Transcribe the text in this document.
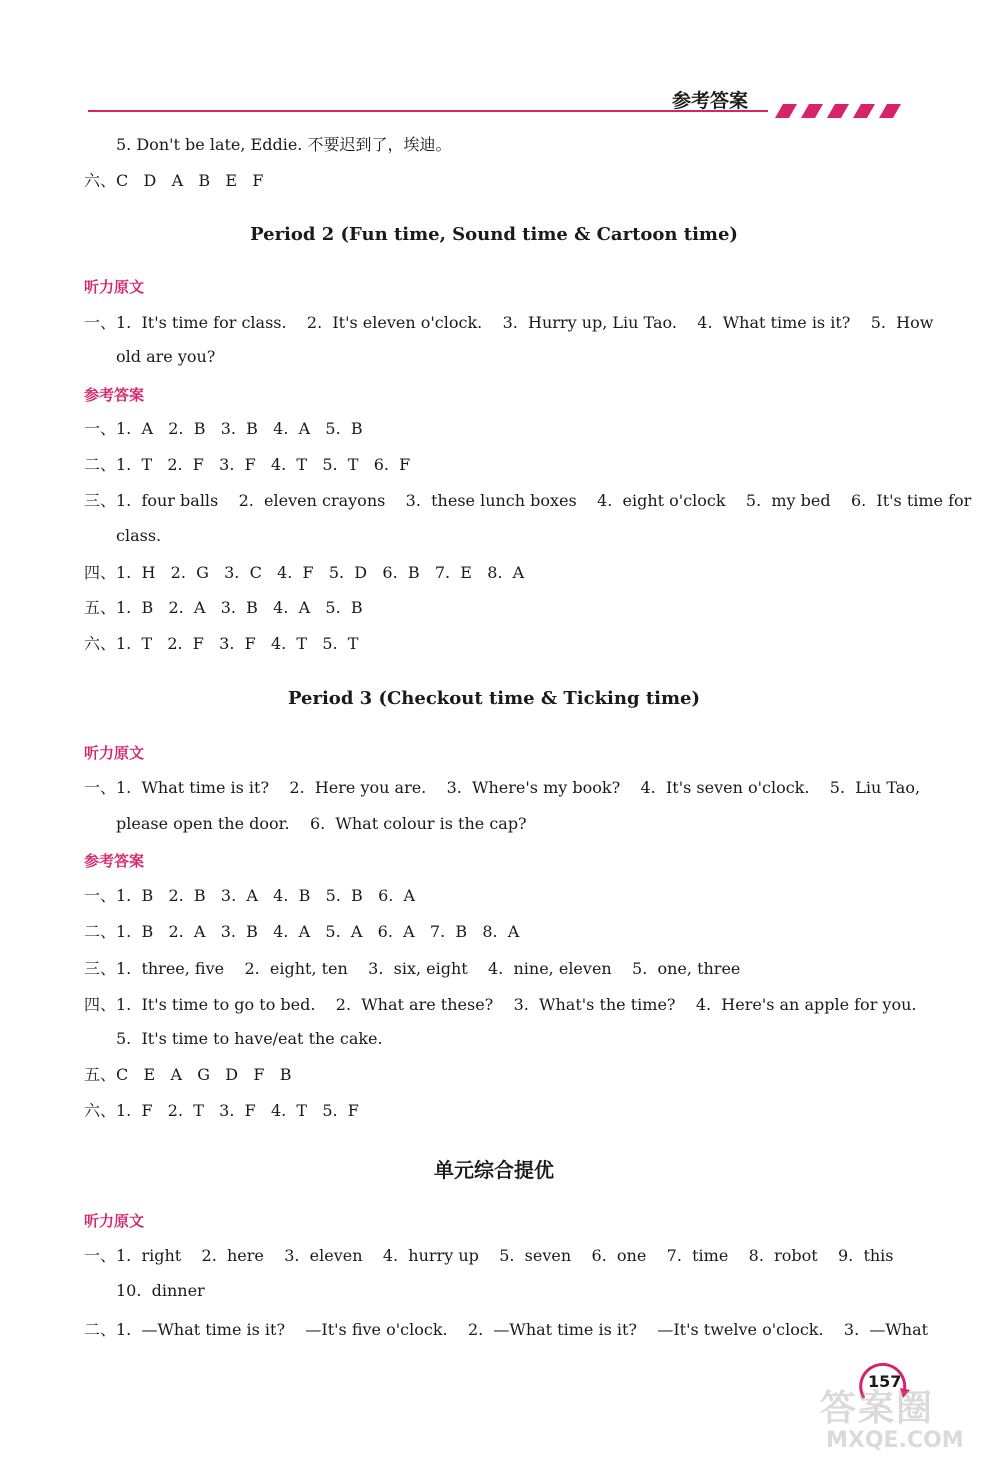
参考答案
5. Don't be late, Eddie. 不要迟到了，埃迪。
六、C   D   A   B   E   F
Period 2 (Fun time, Sound time & Cartoon time)
听力原文
一、1.  It's time for class.    2.  It's eleven o'clock.    3.  Hurry up, Liu Tao.    4.  What time is it?    5.  How
old are you?
参考答案
一、1.  A   2.  B   3.  B   4.  A   5.  B
二、1.  T   2.  F   3.  F   4.  T   5.  T   6.  F
三、1.  four balls    2.  eleven crayons    3.  these lunch boxes    4.  eight o'clock    5.  my bed    6.  It's time for
class.
四、1.  H   2.  G   3.  C   4.  F   5.  D   6.  B   7.  E   8.  A
五、1.  B   2.  A   3.  B   4.  A   5.  B
六、1.  T   2.  F   3.  F   4.  T   5.  T
Period 3 (Checkout time & Ticking time)
听力原文
一、1.  What time is it?    2.  Here you are.    3.  Where's my book?    4.  It's seven o'clock.    5.  Liu Tao,
please open the door.    6.  What colour is the cap?
参考答案
一、1.  B   2.  B   3.  A   4.  B   5.  B   6.  A
二、1.  B   2.  A   3.  B   4.  A   5.  A   6.  A   7.  B   8.  A
三、1.  three, five    2.  eight, ten    3.  six, eight    4.  nine, eleven    5.  one, three
四、1.  It's time to go to bed.    2.  What are these?    3.  What's the time?    4.  Here's an apple for you.
5.  It's time to have/eat the cake.
五、C   E   A   G   D   F   B
六、1.  F   2.  T   3.  F   4.  T   5.  F
单元综合提优
听力原文
一、1.  right    2.  here    3.  eleven    4.  hurry up    5.  seven    6.  one    7.  time    8.  robot    9.  this
10.  dinner
二、1.  —What time is it?    —It's five o'clock.    2.  —What time is it?    —It's twelve o'clock.    3.  —What
157
答案圈
MXQE.COM
